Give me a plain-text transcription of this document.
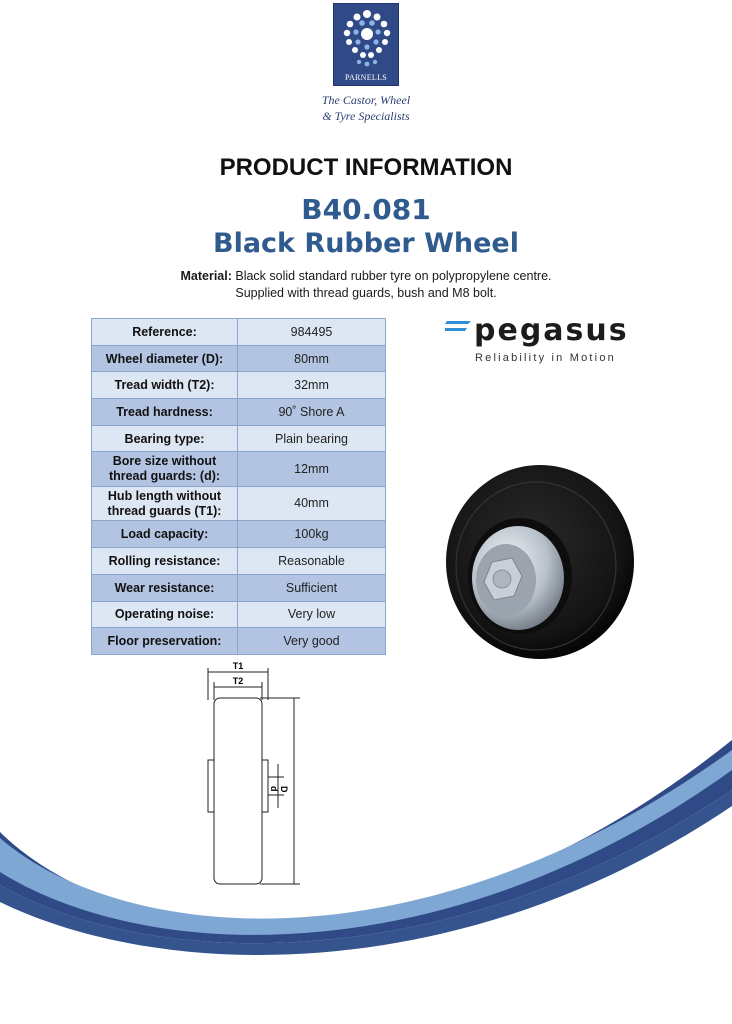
PARNELLS
The Castor, Wheel
& Tyre Specialists
PRODUCT INFORMATION
B40.081
Black Rubber Wheel
Material: Black solid standard rubber tyre on polypropylene centre.
Supplied with thread guards, bush and M8 bolt.
Reference:	984495
Wheel diameter (D):	80mm
Tread width (T2):	32mm
Tread hardness:	90˚ Shore A
Bearing type:	Plain bearing
Bore size without
thread guards: (d):	12mm
Hub length without
thread guards (T1):	40mm
Load capacity:	100kg
Rolling resistance:	Reasonable
Wear resistance:	Sufficient
Operating noise:	Very low
Floor preservation:	Very good
pegasus
Reliability in Motion
T1
T2
d D
